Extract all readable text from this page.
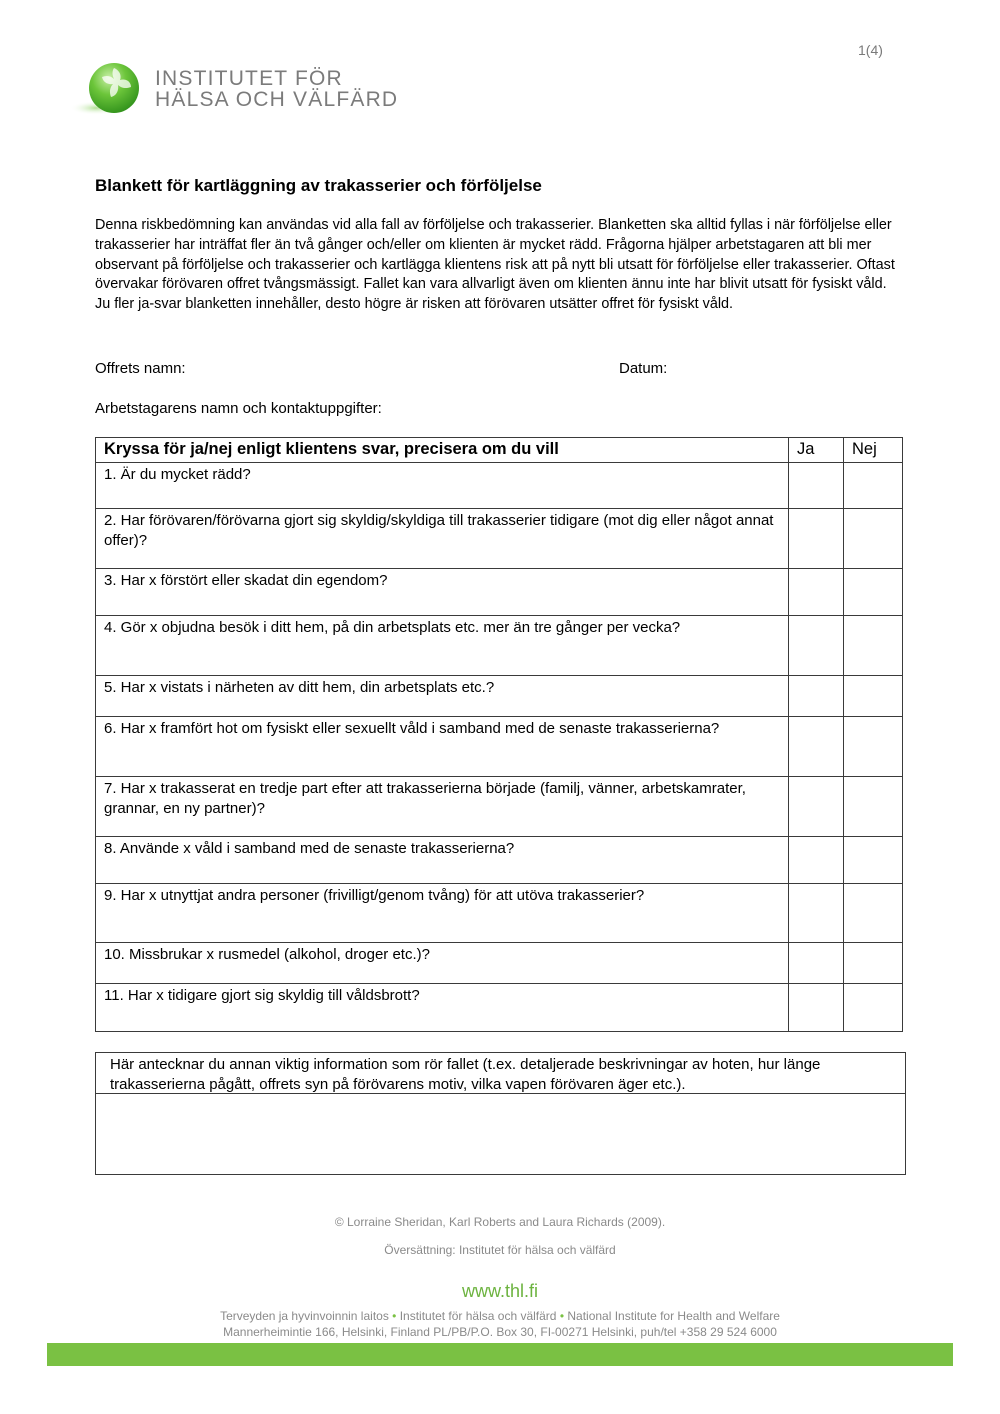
1(4)
INSTITUTET FÖR
HÄLSA OCH VÄLFÄRD
Blankett för kartläggning av trakasserier och förföljelse
Denna riskbedömning kan användas vid alla fall av förföljelse och trakasserier. Blanketten ska alltid fyllas i när förföljelse eller trakasserier har inträffat fler än två gånger och/eller om klienten är mycket rädd. Frågorna hjälper arbetstagaren att bli mer observant på förföljelse och trakasserier och kartlägga klientens risk att på nytt bli utsatt för förföljelse eller trakasserier. Oftast övervakar förövaren offret tvångsmässigt. Fallet kan vara allvarligt även om klienten ännu inte har blivit utsatt för fysiskt våld. Ju fler ja-svar blanketten innehåller, desto högre är risken att förövaren utsätter offret för fysiskt våld.
Offrets namn:	Datum:
Arbetstagarens namn och kontaktuppgifter:
Kryssa för ja/nej enligt klientens svar, precisera om du vill	Ja	Nej
1. Är du mycket rädd?		
2. Har förövaren/förövarna gjort sig skyldig/skyldiga till trakasserier tidigare (mot dig eller något annat offer)?		
3. Har x förstört eller skadat din egendom?		
4. Gör x objudna besök i ditt hem, på din arbetsplats etc. mer än tre gånger per vecka?		
5. Har x vistats i närheten av ditt hem, din arbetsplats etc.?		
6. Har x framfört hot om fysiskt eller sexuellt våld i samband med de senaste trakasserierna?		
7. Har x trakasserat en tredje part efter att trakasserierna började (familj, vänner, arbetskamrater, grannar, en ny partner)?		
8. Använde x våld i samband med de senaste trakasserierna?		
9. Har x utnyttjat andra personer (frivilligt/genom tvång) för att utöva trakasserier?		
10. Missbrukar x rusmedel (alkohol, droger etc.)?		
11. Har x tidigare gjort sig skyldig till våldsbrott?		
Här antecknar du annan viktig information som rör fallet (t.ex. detaljerade beskrivningar av hoten, hur länge trakasserierna pågått, offrets syn på förövarens motiv, vilka vapen förövaren äger etc.).
© Lorraine Sheridan, Karl Roberts and Laura Richards (2009).
Översättning: Institutet för hälsa och välfärd
www.thl.fi
Terveyden ja hyvinvoinnin laitos • Institutet för hälsa och välfärd • National Institute for Health and Welfare
Mannerheimintie 166, Helsinki, Finland PL/PB/P.O. Box 30, FI-00271 Helsinki, puh/tel +358 29 524 6000
